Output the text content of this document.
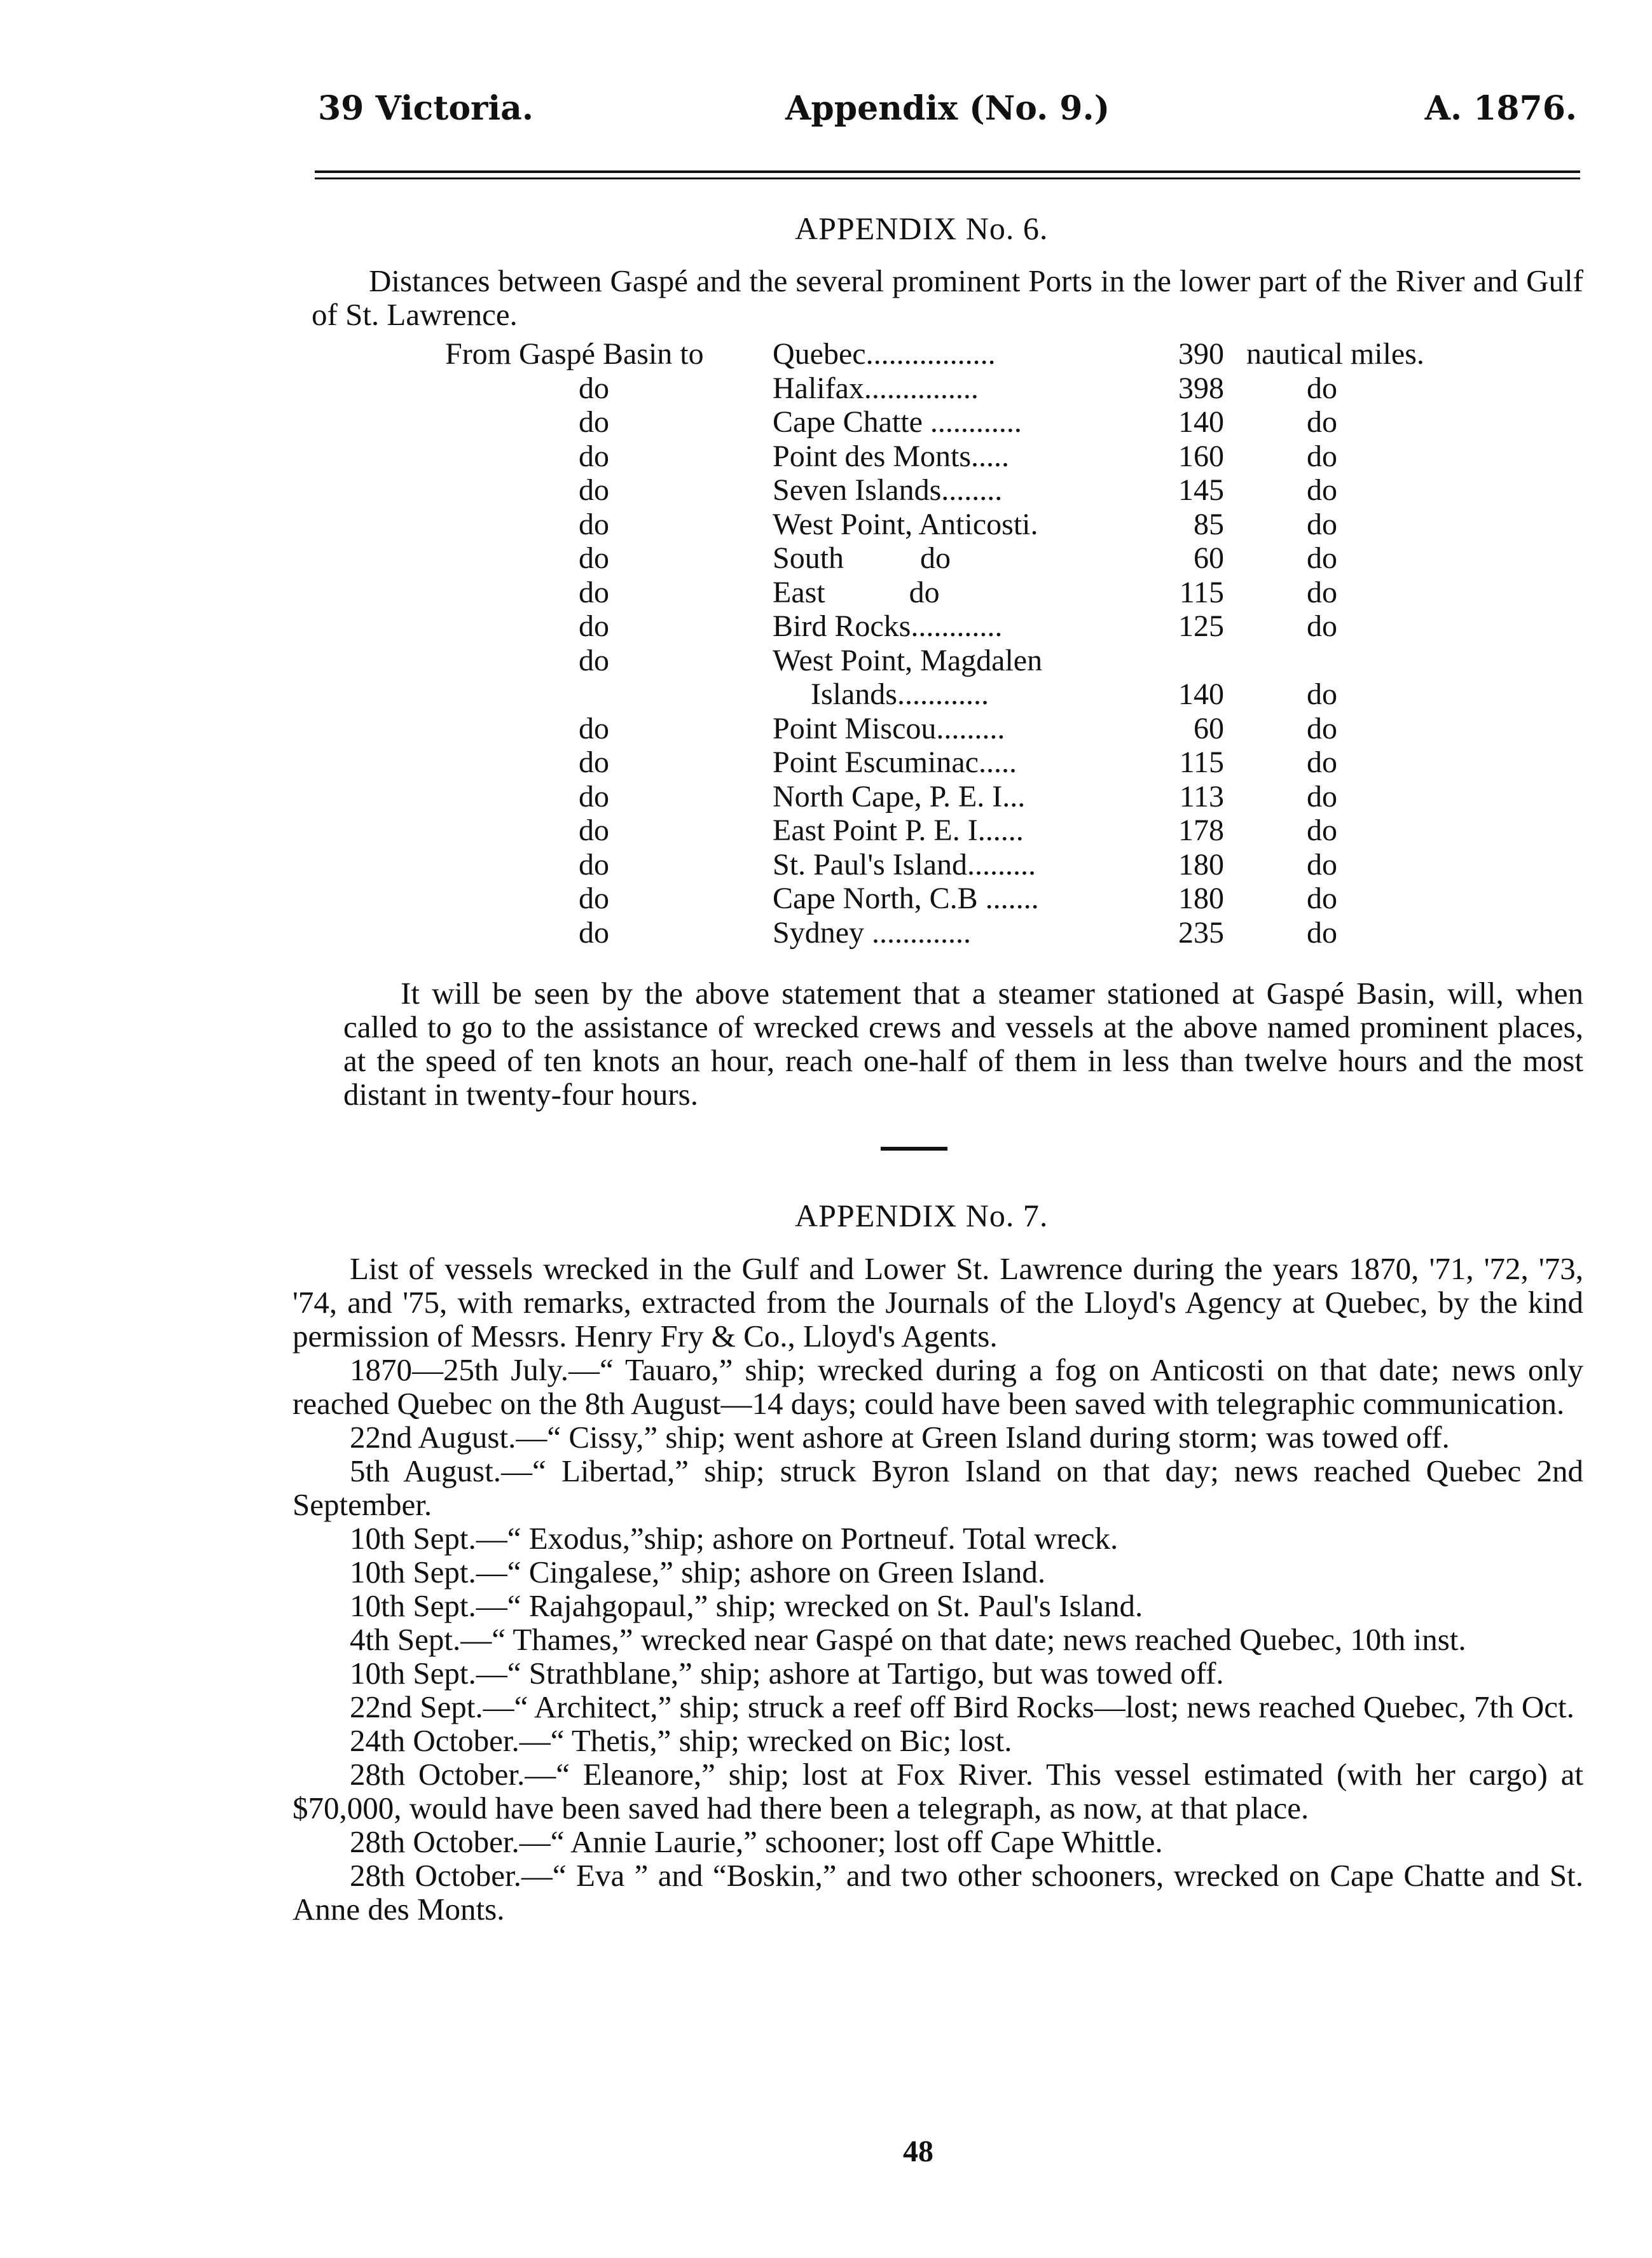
39 Victoria.	Appendix (No. 9.)	A. 1876.
APPENDIX No. 6.

Distances between Gaspé and the several prominent Ports in the lower part of the River and Gulf of St. Lawrence.

From Gaspé Basin to Quebec.................	390 nautical miles.
do	Halifax...............	398	do
do	Cape Chatte ............	140	do
do	Point des Monts.....	160	do
do	Seven Islands........	145	do
do	West Point, Anticosti.	85	do
do	South          do	60	do
do	East           do	115	do
do	Bird Rocks............	125	do
do	West Point, Magdalen
Islands............	140	do
do	Point Miscou.........	60	do
do	Point Escuminac.....	115	do
do	North Cape, P. E. I...	113	do
do	East Point P. E. I......	178	do
do	St. Paul's Island.........	180	do
do	Cape North, C.B .......	180	do
do	Sydney .............	235	do

It will be seen by the above statement that a steamer stationed at Gaspé Basin, will, when called to go to the assistance of wrecked crews and vessels at the above named prominent places, at the speed of ten knots an hour, reach one-half of them in less than twelve hours and the most distant in twenty-four hours.

APPENDIX No. 7.

List of vessels wrecked in the Gulf and Lower St. Lawrence during the years 1870, '71, '72, '73, '74, and '75, with remarks, extracted from the Journals of the Lloyd's Agency at Quebec, by the kind permission of Messrs. Henry Fry & Co., Lloyd's Agents.

1870—25th July.—“ Tauaro,” ship; wrecked during a fog on Anticosti on that date; news only reached Quebec on the 8th August—14 days; could have been saved with telegraphic communication.

22nd August.—“ Cissy,” ship; went ashore at Green Island during storm; was towed off.

5th August.—“ Libertad,” ship; struck Byron Island on that day; news reached Quebec 2nd September.

10th Sept.—“ Exodus,”ship; ashore on Portneuf. Total wreck.

10th Sept.—“ Cingalese,” ship; ashore on Green Island.

10th Sept.—“ Rajahgopaul,” ship; wrecked on St. Paul's Island.

4th Sept.—“ Thames,” wrecked near Gaspé on that date; news reached Quebec, 10th inst.

10th Sept.—“ Strathblane,” ship; ashore at Tartigo, but was towed off.

22nd Sept.—“ Architect,” ship; struck a reef off Bird Rocks—lost; news reached Quebec, 7th Oct.

24th October.—“ Thetis,” ship; wrecked on Bic; lost.

28th October.—“ Eleanore,” ship; lost at Fox River. This vessel estimated (with her cargo) at $70,000, would have been saved had there been a telegraph, as now, at that place.

28th October.—“ Annie Laurie,” schooner; lost off Cape Whittle.

28th October.—“ Eva ” and “Boskin,” and two other schooners, wrecked on Cape Chatte and St. Anne des Monts.

48
